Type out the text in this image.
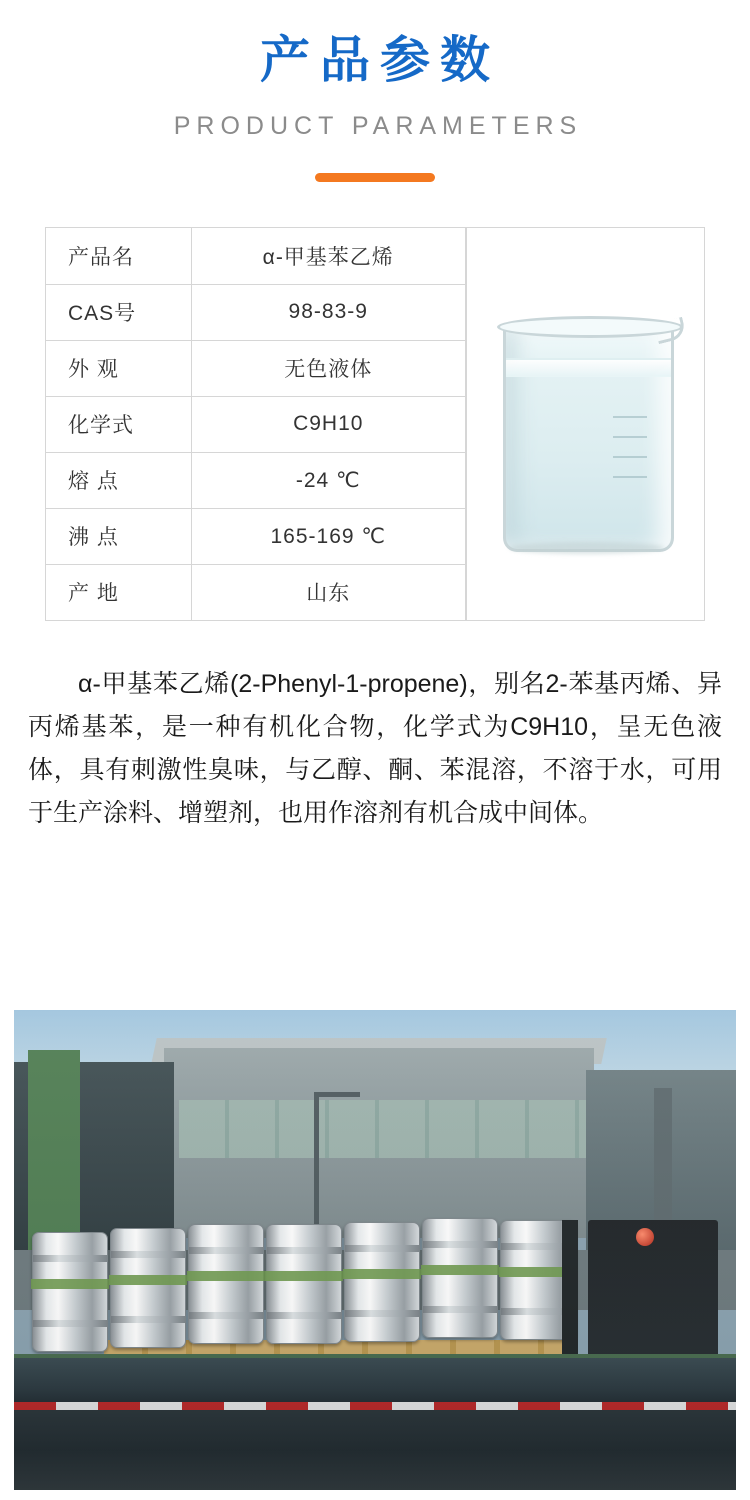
产品参数
PRODUCT PARAMETERS
产品名	α-甲基苯乙烯
CAS号	98-83-9
外 观	无色液体
化学式	C9H10
熔 点	-24 ℃
沸 点	165-169 ℃
产 地	山东

α-甲基苯乙烯(2-Phenyl-1-propene)，别名2-苯基丙烯、异丙烯基苯，是一种有机化合物，化学式为C9H10，呈无色液体，具有刺激性臭味，与乙醇、酮、苯混溶，不溶于水，可用于生产涂料、增塑剂，也用作溶剂有机合成中间体。
